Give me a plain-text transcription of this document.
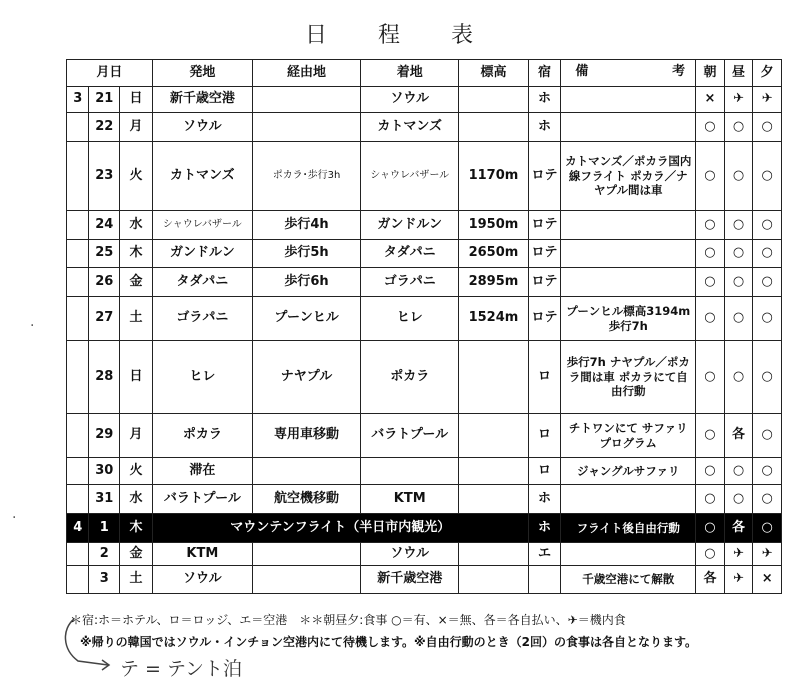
日 程 表
月日			発地	経由地	着地	標高	宿	備 考	朝	昼	夕
3	21	日	新千歳空港		ソウル		ホ		×	✈	✈
	22	月	ソウル		カトマンズ		ホ		○	○	○
	23	火	カトマンズ	ポカラ･歩行3h	シャウレバザール	1170m	ロテ	カトマンズ／ポカラ国内線フライト ポカラ／ナヤプル間は車	○	○	○
	24	水	シャウレバザール	歩行4h	ガンドルン	1950m	ロテ		○	○	○
	25	木	ガンドルン	歩行5h	タダパニ	2650m	ロテ		○	○	○
	26	金	タダパニ	歩行6h	ゴラパニ	2895m	ロテ		○	○	○
	27	土	ゴラパニ	プーンヒル	ヒレ	1524m	ロテ	プーンヒル標高3194m 歩行7h	○	○	○
	28	日	ヒレ	ナヤプル	ポカラ		ロ	歩行7h ナヤプル／ポカラ間は車 ポカラにて自由行動	○	○	○
	29	月	ポカラ	専用車移動	バラトプール		ロ	チトワンにて サファリプログラム	○	各	○
	30	火	滞在				ロ	ジャングルサファリ	○	○	○
	31	水	バラトプール	航空機移動	KTM		ホ		○	○	○
4	1	木	マウンテンフライト（半日市内観光）				ホ	フライト後自由行動	○	各	○
	2	金	KTM		ソウル		エ		○	✈	✈
	3	土	ソウル		新千歳空港			千歳空港にて解散	各	✈	×
＊宿:ホ＝ホテル、ロ＝ロッジ、エ＝空港　＊＊朝昼夕:食事 ○＝有、×＝無、各＝各自払い、✈＝機内食
※帰りの韓国ではソウル・インチョン空港内にて待機します。※自由行動のとき（2回）の食事は各自となります。
テ = テント泊
·
·
